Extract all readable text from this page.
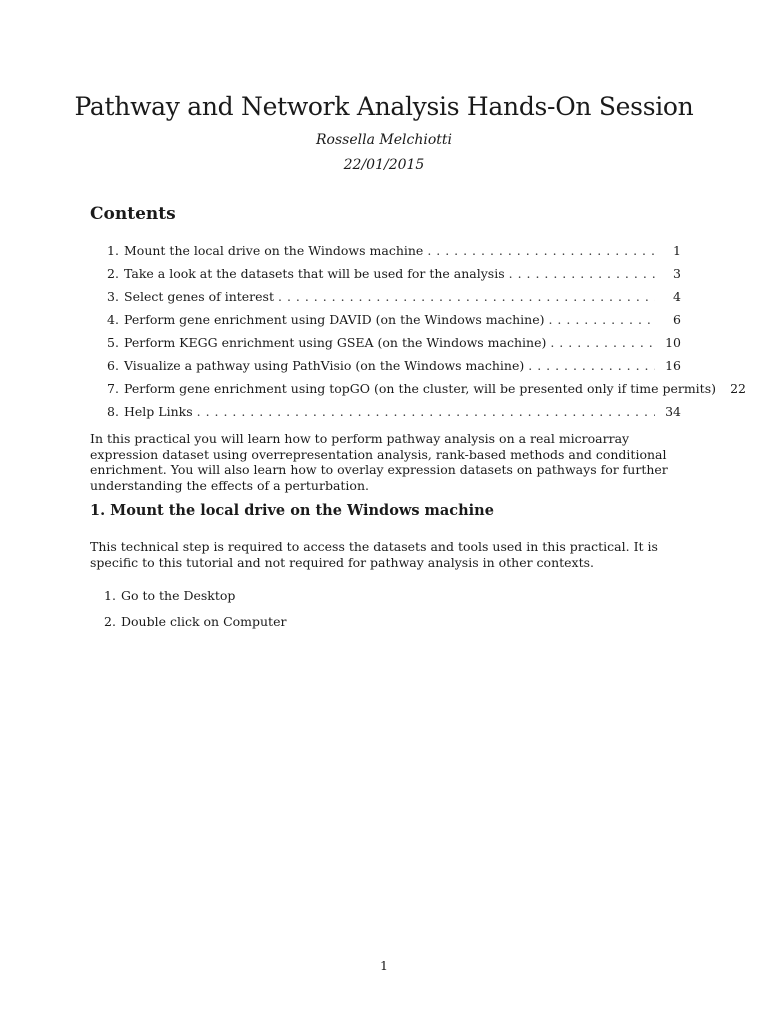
Pathway and Network Analysis Hands-On Session
Rossella Melchiotti
22/01/2015
Contents
1. Mount the local drive on the Windows machine . . .	1
2. Take a look at the datasets that will be used for the analysis . . .	3
3. Select genes of interest . . .	4
4. Perform gene enrichment using DAVID (on the Windows machine) . . .	6
5. Perform KEGG enrichment using GSEA (on the Windows machine) . . .	10
6. Visualize a pathway using PathVisio (on the Windows machine) . . .	16
7. Perform gene enrichment using topGO (on the cluster, will be presented only if time permits)	22
8. Help Links . . .	34

In this practical you will learn how to perform pathway analysis on a real microarray expression dataset using overrepresentation analysis, rank-based methods and conditional enrichment. You will also learn how to overlay expression datasets on pathways for further understanding the effects of a perturbation.

1. Mount the local drive on the Windows machine

This technical step is required to access the datasets and tools used in this practical. It is specific to this tutorial and not required for pathway analysis in other contexts.

1. Go to the Desktop
2. Double click on Computer
1
